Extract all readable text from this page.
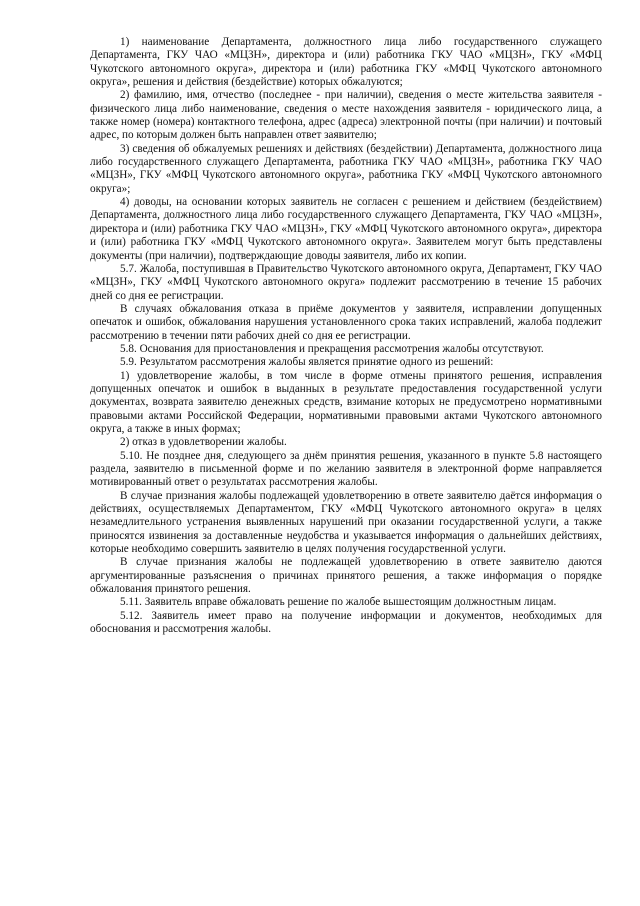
1) наименование Департамента, должностного лица либо государственного служащего Департамента, ГКУ ЧАО «МЦЗН», директора и (или) работника ГКУ ЧАО «МЦЗН», ГКУ «МФЦ Чукотского автономного округа», директора и (или) работника ГКУ «МФЦ Чукотского автономного округа», решения и действия (бездействие) которых обжалуются;

2) фамилию, имя, отчество (последнее - при наличии), сведения о месте жительства заявителя - физического лица либо наименование, сведения о месте нахождения заявителя - юридического лица, а также номер (номера) контактного телефона, адрес (адреса) электронной почты (при наличии) и почтовый адрес, по которым должен быть направлен ответ заявителю;

3) сведения об обжалуемых решениях и действиях (бездействии) Департамента, должностного лица либо государственного служащего Департамента, работника ГКУ ЧАО «МЦЗН», работника ГКУ ЧАО «МЦЗН», ГКУ «МФЦ Чукотского автономного округа», работника ГКУ «МФЦ Чукотского автономного округа»;

4) доводы, на основании которых заявитель не согласен с решением и действием (бездействием) Департамента, должностного лица либо государственного служащего Департамента, ГКУ ЧАО «МЦЗН», директора и (или) работника ГКУ ЧАО «МЦЗН», ГКУ «МФЦ Чукотского автономного округа», директора и (или) работника ГКУ «МФЦ Чукотского автономного округа». Заявителем могут быть представлены документы (при наличии), подтверждающие доводы заявителя, либо их копии.

5.7. Жалоба, поступившая в Правительство Чукотского автономного округа, Департамент, ГКУ ЧАО «МЦЗН», ГКУ «МФЦ Чукотского автономного округа» подлежит рассмотрению в течение 15 рабочих дней со дня ее регистрации.

В случаях обжалования отказа в приёме документов у заявителя, исправлении допущенных опечаток и ошибок, обжалования нарушения установленного срока таких исправлений, жалоба подлежит рассмотрению в течении пяти рабочих дней со дня ее регистрации.

5.8. Основания для приостановления и прекращения рассмотрения жалобы отсутствуют.

5.9. Результатом рассмотрения жалобы является принятие одного из решений:

1) удовлетворение жалобы, в том числе в форме отмены принятого решения, исправления допущенных опечаток и ошибок в выданных в результате предоставления государственной услуги документах, возврата заявителю денежных средств, взимание которых не предусмотрено нормативными правовыми актами Российской Федерации, нормативными правовыми актами Чукотского автономного округа, а также в иных формах;

2) отказ в удовлетворении жалобы.

5.10. Не позднее дня, следующего за днём принятия решения, указанного в пункте 5.8 настоящего раздела, заявителю в письменной форме и по желанию заявителя в электронной форме направляется мотивированный ответ о результатах рассмотрения жалобы.

В случае признания жалобы подлежащей удовлетворению в ответе заявителю даётся информация о действиях, осуществляемых Департаментом, ГКУ «МФЦ Чукотского автономного округа» в целях незамедлительного устранения выявленных нарушений при оказании государственной услуги, а также приносятся извинения за доставленные неудобства и указывается информация о дальнейших действиях, которые необходимо совершить заявителю в целях получения государственной услуги.

В случае признания жалобы не подлежащей удовлетворению в ответе заявителю даются аргументированные разъяснения о причинах принятого решения, а также информация о порядке обжалования принятого решения.

5.11. Заявитель вправе обжаловать решение по жалобе вышестоящим должностным лицам.

5.12. Заявитель имеет право на получение информации и документов, необходимых для обоснования и рассмотрения жалобы.
